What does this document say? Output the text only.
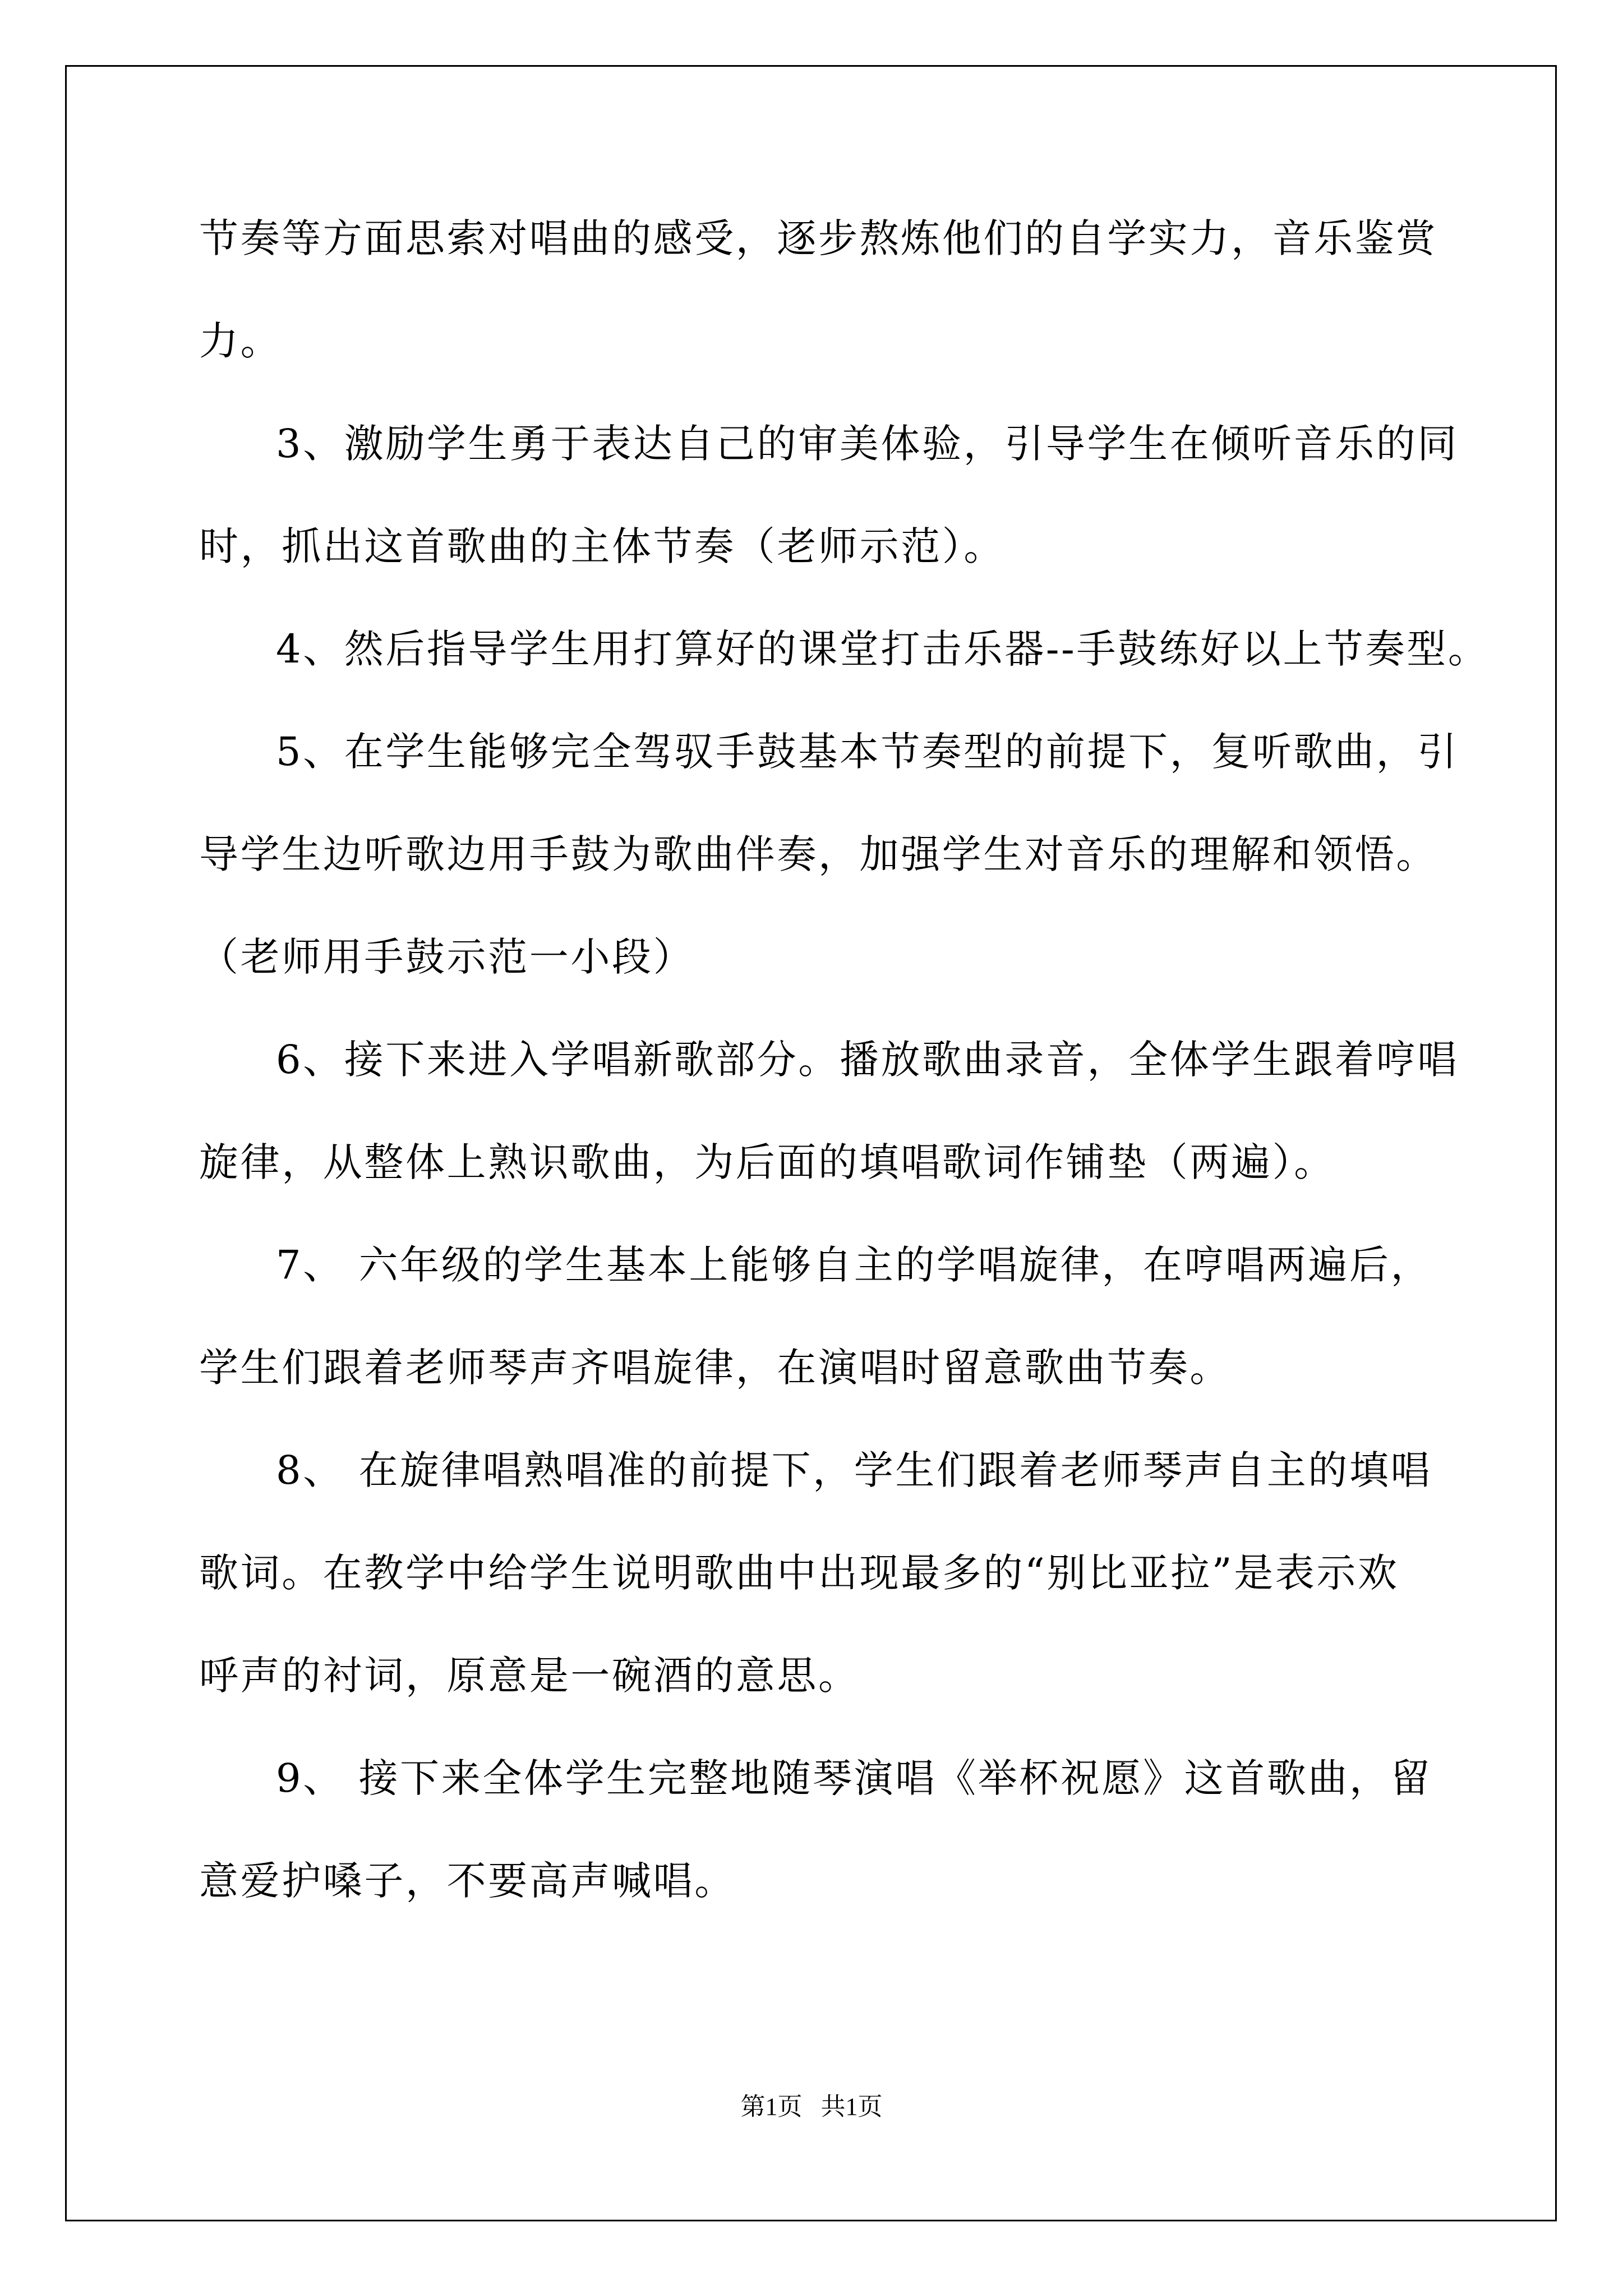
节奏等方面思索对唱曲的感受，逐步熬炼他们的自学实力，音乐鉴赏
力。
3、激励学生勇于表达自己的审美体验，引导学生在倾听音乐的同
时，抓出这首歌曲的主体节奏（老师示范）。
4、然后指导学生用打算好的课堂打击乐器--手鼓练好以上节奏型。
5、在学生能够完全驾驭手鼓基本节奏型的前提下，复听歌曲，引
导学生边听歌边用手鼓为歌曲伴奏，加强学生对音乐的理解和领悟。
（老师用手鼓示范一小段）
6、接下来进入学唱新歌部分。播放歌曲录音，全体学生跟着哼唱
旋律，从整体上熟识歌曲，为后面的填唱歌词作铺垫（两遍）。
7、 六年级的学生基本上能够自主的学唱旋律，在哼唱两遍后，
学生们跟着老师琴声齐唱旋律，在演唱时留意歌曲节奏。
8、 在旋律唱熟唱准的前提下，学生们跟着老师琴声自主的填唱
歌词。在教学中给学生说明歌曲中出现最多的“别比亚拉”是表示欢
呼声的衬词，原意是一碗酒的意思。
9、 接下来全体学生完整地随琴演唱《举杯祝愿》这首歌曲，留
意爱护嗓子，不要高声喊唱。
第1页   共1页
